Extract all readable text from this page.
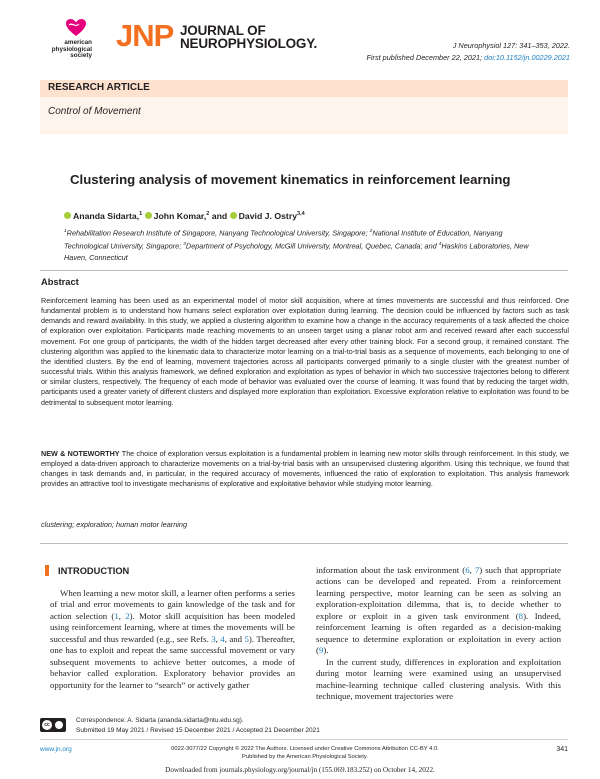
american
physiological
society
JNP JOURNAL OF
NEUROPHYSIOLOGY.	J Neurophysiol 127: 341–353, 2022.
First published December 22, 2021; doi:10.1152/jn.00229.2021
RESEARCH ARTICLE
Control of Movement
Clustering analysis of movement kinematics in reinforcement learning
Ananda Sidarta,$^1$ John Komar,$^2$ and David J. Ostry$^{3,4}$
$^1$Rehabilitation Research Institute of Singapore, Nanyang Technological University, Singapore; $^2$National Institute of Education, Nanyang Technological University, Singapore; $^3$Department of Psychology, McGill University, Montreal, Quebec, Canada; and $^4$Haskins Laboratories, New Haven, Connecticut
Abstract
Reinforcement learning has been used as an experimental model of motor skill acquisition, where at times movements are successful and thus reinforced. One fundamental problem is to understand how humans select exploration over exploitation during learning. The decision could be influenced by factors such as task demands and reward availability. In this study, we applied a clustering algorithm to examine how a change in the accuracy requirements of a task affected the choice of exploration over exploitation. Participants made reaching movements to an unseen target using a planar robot arm and received reward after each successful movement. For one group of participants, the width of the hidden target decreased after every other training block. For a second group, it remained constant. The clustering algorithm was applied to the kinematic data to characterize motor learning on a trial-to-trial basis as a sequence of movements, each belonging to one of the identified clusters. By the end of learning, movement trajectories across all participants converged primarily to a single cluster with the greatest number of successful trials. Within this analysis framework, we defined exploration and exploitation as types of behavior in which two successive trajectories belong to different or similar clusters, respectively. The frequency of each mode of behavior was evaluated over the course of learning. It was found that by reducing the target width, participants used a greater variety of different clusters and displayed more exploration than exploitation. Excessive exploration relative to exploitation was found to be detrimental to subsequent motor learning.
NEW & NOTEWORTHY The choice of exploration versus exploitation is a fundamental problem in learning new motor skills through reinforcement. In this study, we employed a data-driven approach to characterize movements on a trial-by-trial basis with an unsupervised clustering algorithm. Using this technique, we found that changes in task demands and, in particular, in the required accuracy of movements, influenced the ratio of exploration to exploitation. This analysis framework provides an attractive tool to investigate mechanisms of explorative and exploitative behavior while studying motor learning.
clustering; exploration; human motor learning
INTRODUCTION
When learning a new motor skill, a learner often performs a series of trial and error movements to gain knowledge of the task and for action selection (1, 2). Motor skill acquisition has been modeled using reinforcement learning, where at times the movements will be successful and thus rewarded (e.g., see Refs. 3, 4, and 5). Thereafter, one has to exploit and repeat the same successful movement or vary subsequent movements to achieve better outcomes, a mode of behavior called exploration. Exploratory behavior provides an opportunity for the learner to “search” or actively gather

information about the task environment (6, 7) such that appropriate actions can be developed and repeated. From a reinforcement learning perspective, motor learning can be seen as solving an exploration-exploitation dilemma, that is, to decide whether to explore or exploit in a given task environment (8). Indeed, reinforcement learning is often regarded as a decision-making sequence to determine exploration or exploitation in every action (9).

In the current study, differences in exploration and exploitation during motor learning were examined using an unsupervised machine-learning technique called clustering analysis. With this technique, movement trajectories were

cc
Correspondence: A. Sidarta (ananda.sidarta@ntu.edu.sg).
Submitted 19 May 2021 / Revised 15 December 2021 / Accepted 21 December 2021
www.jn.org	0022-3077/22 Copyright © 2022 The Authors. Licensed under Creative Commons Attribution CC-BY 4.0.
Published by the American Physiological Society.
341
Downloaded from journals.physiology.org/journal/jn (155.069.183.252) on October 14, 2022.
